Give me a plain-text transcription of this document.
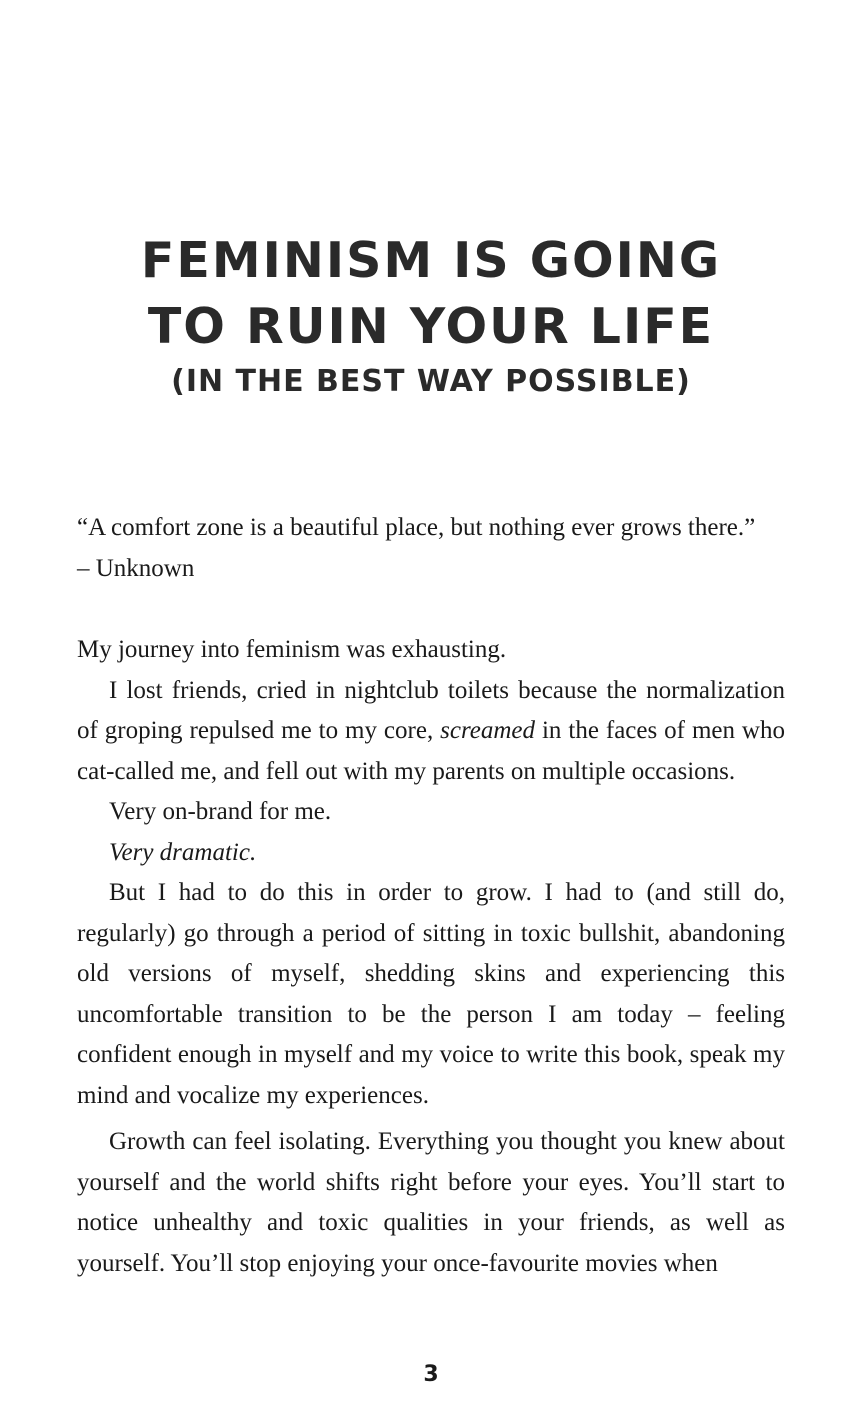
FEMINISM IS GOING
TO RUIN YOUR LIFE
(IN THE BEST WAY POSSIBLE)
“A comfort zone is a beautiful place, but nothing ever grows there.”
– Unknown

My journey into feminism was exhausting.

I lost friends, cried in nightclub toilets because the normalization of groping repulsed me to my core, screamed in the faces of men who cat-called me, and fell out with my parents on multiple occasions.

Very on-brand for me.

Very dramatic.

But I had to do this in order to grow. I had to (and still do, regularly) go through a period of sitting in toxic bullshit, abandoning old versions of myself, shedding skins and experiencing this uncomfortable transition to be the person I am today – feeling confident enough in myself and my voice to write this book, speak my mind and vocalize my experiences.

Growth can feel isolating. Everything you thought you knew about yourself and the world shifts right before your eyes. You’ll start to notice unhealthy and toxic qualities in your friends, as well as yourself. You’ll stop enjoying your once-favourite movies when

3
